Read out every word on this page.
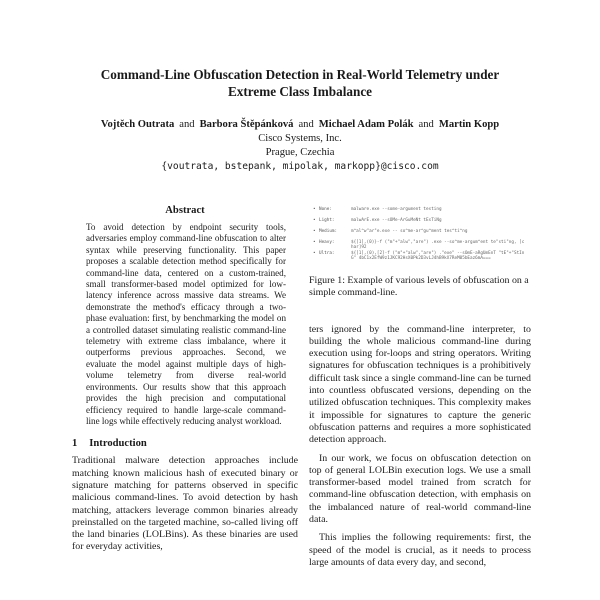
Command-Line Obfuscation Detection in Real-World Telemetry under
Extreme Class Imbalance
Vojtěch Outrata and Barbora Štěpánková and Michael Adam Polák and Martin Kopp
Cisco Systems, Inc.
Prague, Czechia
{voutrata, bstepank, mipolak, markopp}@cisco.com
Abstract

To avoid detection by endpoint security tools, adversaries employ command-line obfuscation to alter syntax while preserving functionality. This paper proposes a scalable detection method specifically for command-line data, centered on a custom-trained, small transformer-based model optimized for low-latency inference across massive data streams. We demonstrate the method's efficacy through a two-phase evaluation: first, by benchmarking the model on a controlled dataset simulating realistic command-line telemetry with extreme class imbalance, where it outperforms previous approaches. Second, we evaluate the model against multiple days of high-volume telemetry from diverse real-world environments. Our results show that this approach provides the high precision and computational efficiency required to handle large-scale command-line logs while effectively reducing analyst workload.

1 Introduction

Traditional malware detection approaches include matching known malicious hash of executed binary or signature matching for patterns observed in specific malicious command-lines. To avoid detection by hash matching, attackers leverage common binaries already preinstalled on the targeted machine, so-called living off the land binaries (LOLBins). As these binaries are used for everyday activities,

• None:	malware.exe --some-argument testing
• Light:	malwArE.exe --sOMe-ArGuMeNt tEsTiNg
• Medium:	m^al^w"ar"e.exe -- so^me-ar^gu^ment tes^ti^ng
• Heavy:	${[1],(0)}-f ("m"+"alw","are") .exe --so^me-argum^ent te"sti"ng, [char]92
• Ultra:	${[1],(0),[2]-f ("m"+"alw","are") ."exe" --sOmE-aRgUmEnT "tE"+"StInG" 4bC1x2EfW9z1JKC92HsX0Pk2D3vLJ4hB9kX7ReM05bEaz6mA===

Figure 1: Example of various levels of obfuscation on a simple command-line.

ters ignored by the command-line interpreter, to building the whole malicious command-line during execution using for-loops and string operators. Writing signatures for obfuscation techniques is a prohibitively difficult task since a single command-line can be turned into countless obfuscated versions, depending on the utilized obfuscation techniques. This complexity makes it impossible for signatures to capture the generic obfuscation patterns and requires a more sophisticated detection approach.

In our work, we focus on obfuscation detection on top of general LOLBin execution logs. We use a small transformer-based model trained from scratch for command-line obfuscation detection, with emphasis on the imbalanced nature of real-world command-line data.

This implies the following requirements: first, the speed of the model is crucial, as it needs to process large amounts of data every day, and second,
